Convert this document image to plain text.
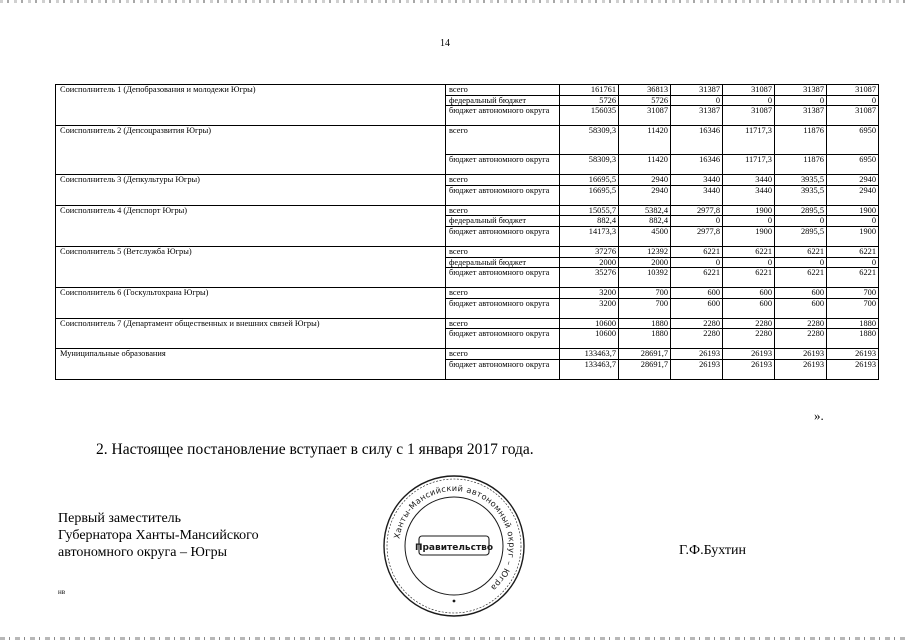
14
Соисполнитель 1 (Депобразования и молодежи Югры)	всего	161761	36813	31387	31087	31387	31087
	федеральный бюджет	5726	5726	0	0	0	0
	бюджет автономного округа	156035	31087	31387	31087	31387	31087
Соисполнитель 2 (Депсоцразвития Югры)	всего	58309,3	11420	16346	11717,3	11876	6950
	бюджет автономного округа	58309,3	11420	16346	11717,3	11876	6950
Соисполнитель 3 (Депкультуры Югры)	всего	16695,5	2940	3440	3440	3935,5	2940
	бюджет автономного округа	16695,5	2940	3440	3440	3935,5	2940
Соисполнитель 4 (Депспорт Югры)	всего	15055,7	5382,4	2977,8	1900	2895,5	1900
	федеральный бюджет	882,4	882,4	0	0	0	0
	бюджет автономного округа	14173,3	4500	2977,8	1900	2895,5	1900
Соисполнитель 5 (Ветслужба Югры)	всего	37276	12392	6221	6221	6221	6221
	федеральный бюджет	2000	2000	0	0	0	0
	бюджет автономного округа	35276	10392	6221	6221	6221	6221
Соисполнитель 6 (Госкультохрана Югры)	всего	3200	700	600	600	600	700
	бюджет автономного округа	3200	700	600	600	600	700
Соисполнитель 7 (Департамент общественных и внешних связей Югры)	всего	10600	1880	2280	2280	2280	1880
	бюджет автономного округа	10600	1880	2280	2280	2280	1880
Муниципальные образования	всего	133463,7	28691,7	26193	26193	26193	26193
	бюджет автономного округа	133463,7	28691,7	26193	26193	26193	26193
».
2. Настоящее постановление вступает в силу с 1 января 2017 года.
Первый заместитель
Губернатора Ханты-Мансийского
автономного округа – Югры	Г.Ф.Бухтин
нв
Ханты-Мансийский автономный округ – Югра
Правительство
